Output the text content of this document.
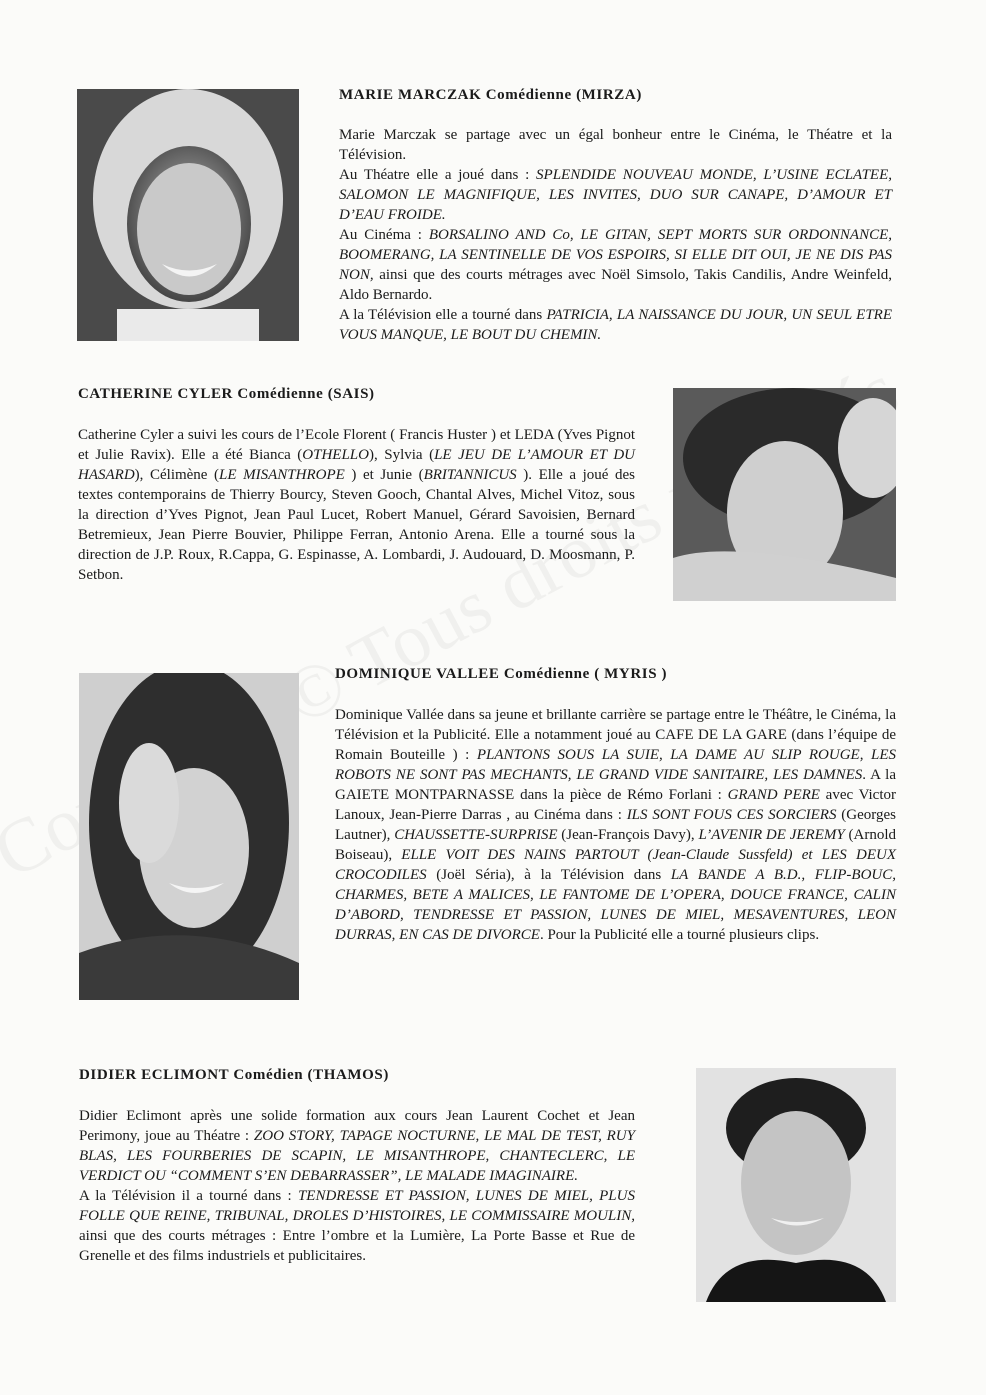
MARIE MARCZAK Comédienne (MIRZA)
Marie Marczak se partage avec un égal bonheur entre le Cinéma, le Théatre et la Télévision.
Au Théatre elle a joué dans : SPLENDIDE NOUVEAU MONDE, L’USINE ECLATEE, SALOMON LE MAGNIFIQUE, LES INVITES, DUO SUR CANAPE, D’AMOUR ET D’EAU FROIDE.
Au Cinéma : BORSALINO AND Co, LE GITAN, SEPT MORTS SUR ORDONNANCE, BOOMERANG, LA SENTINELLE DE VOS ESPOIRS, SI ELLE DIT OUI, JE NE DIS PAS NON, ainsi que des courts métrages avec Noël Simsolo, Takis Candilis, Andre Weinfeld, Aldo Bernardo.
A la Télévision elle a tourné dans PATRICIA, LA NAISSANCE DU JOUR, UN SEUL ETRE VOUS MANQUE, LE BOUT DU CHEMIN.
CATHERINE CYLER Comédienne (SAIS)
Catherine Cyler a suivi les cours de l’Ecole Florent ( Francis Huster ) et LEDA (Yves Pignot et Julie Ravix). Elle a été Bianca (OTHELLO), Sylvia (LE JEU DE L’AMOUR ET DU HASARD), Célimène (LE MISANTHROPE ) et Junie (BRITANNICUS ). Elle a joué des textes contemporains de Thierry Bourcy, Steven Gooch, Chantal Alves, Michel Vitoz, sous la direction d’Yves Pignot, Jean Paul Lucet, Robert Manuel, Gérard Savoisien, Bernard Betremieux, Jean Pierre Bouvier, Philippe Ferran, Antonio Arena. Elle a tourné sous la direction de J.P. Roux, R.Cappa, G. Espinasse, A. Lombardi, J. Audouard, D. Moosmann, P. Setbon.
DOMINIQUE VALLEE Comédienne ( MYRIS )
Dominique Vallée dans sa jeune et brillante carrière se partage entre le Théâtre, le Cinéma, la Télévision et la Publicité. Elle a notamment joué au CAFE DE LA GARE (dans l’équipe de Romain Bouteille ) : PLANTONS SOUS LA SUIE, LA DAME AU SLIP ROUGE, LES ROBOTS NE SONT PAS MECHANTS, LE GRAND VIDE SANITAIRE, LES DAMNES. A la GAIETE MONTPARNASSE dans la pièce de Rémo Forlani : GRAND PERE avec Victor Lanoux, Jean-Pierre Darras , au Cinéma dans : ILS SONT FOUS CES SORCIERS (Georges Lautner), CHAUSSETTE-SURPRISE (Jean-François Davy), L’AVENIR DE JEREMY (Arnold Boiseau), ELLE VOIT DES NAINS PARTOUT (Jean-Claude Sussfeld) et LES DEUX CROCODILES (Joël Séria), à la Télévision dans LA BANDE A B.D., FLIP-BOUC, CHARMES, BETE A MALICES, LE FANTOME DE L’OPERA, DOUCE FRANCE, CALIN D’ABORD, TENDRESSE ET PASSION, LUNES DE MIEL, MESAVENTURES, LEON DURRAS, EN CAS DE DIVORCE. Pour la Publicité elle a tourné plusieurs clips.
DIDIER ECLIMONT Comédien (THAMOS)
Didier Eclimont après une solide formation aux cours Jean Laurent Cochet et Jean Perimony, joue au Théatre : ZOO STORY, TAPAGE NOCTURNE, LE MAL DE TEST, RUY BLAS, LES FOURBERIES DE SCAPIN, LE MISANTHROPE, CHANTECLERC, LE VERDICT OU “COMMENT S’EN DEBARRASSER”, LE MALADE IMAGINAIRE.
A la Télévision il a tourné dans : TENDRESSE ET PASSION, LUNES DE MIEL, PLUS FOLLE QUE REINE, TRIBUNAL, DROLES D’HISTOIRES, LE COMMISSAIRE MOULIN, ainsi que des courts métrages : Entre l’ombre et la Lumière, La Porte Basse et Rue de Grenelle et des films industriels et publicitaires.
